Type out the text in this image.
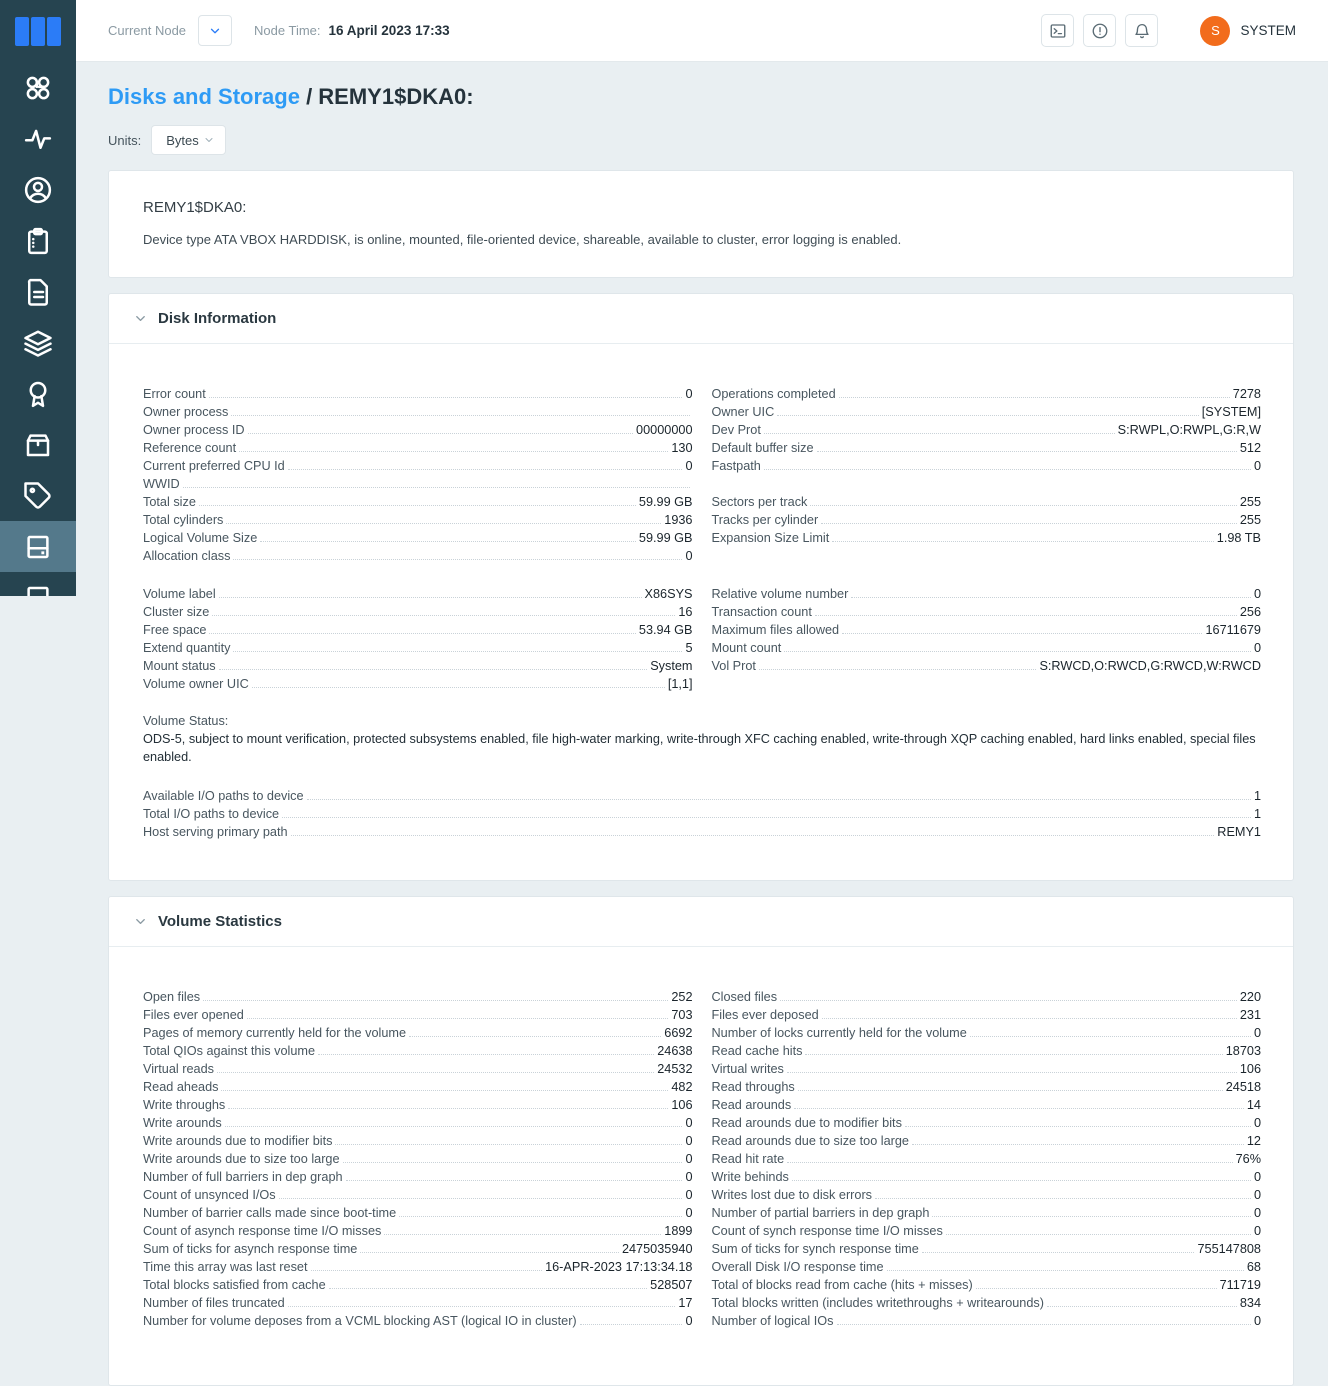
Current Node	Node Time: 16 April 2023 17:33	S SYSTEM
Disks and Storage / REMY1$DKA0:
Units: Bytes
REMY1$DKA0:
Device type ATA VBOX HARDDISK, is online, mounted, file-oriented device, shareable, available to cluster, error logging is enabled.
Disk Information
Error count	0
Owner process
Owner process ID	00000000
Reference count	130
Current preferred CPU Id	0
WWID
Total size	59.99 GB
Total cylinders	1936
Logical Volume Size	59.99 GB
Allocation class	0
Volume label	X86SYS
Cluster size	16
Free space	53.94 GB
Extend quantity	5
Mount status	System
Volume owner UIC	[1,1]
Operations completed	7278
Owner UIC	[SYSTEM]
Dev Prot	S:RWPL,O:RWPL,G:R,W
Default buffer size	512
Fastpath	0
Sectors per track	255
Tracks per cylinder	255
Expansion Size Limit	1.98 TB
Relative volume number	0
Transaction count	256
Maximum files allowed	16711679
Mount count	0
Vol Prot	S:RWCD,O:RWCD,G:RWCD,W:RWCD
Volume Status:
ODS-5, subject to mount verification, protected subsystems enabled, file high-water marking, write-through XFC caching enabled, write-through XQP caching enabled, hard links enabled, special files enabled.
Available I/O paths to device	1
Total I/O paths to device	1
Host serving primary path	REMY1
Volume Statistics
Open files	252
Files ever opened	703
Pages of memory currently held for the volume	6692
Total QIOs against this volume	24638
Virtual reads	24532
Read aheads	482
Write throughs	106
Write arounds	0
Write arounds due to modifier bits	0
Write arounds due to size too large	0
Number of full barriers in dep graph	0
Count of unsynced I/Os	0
Number of barrier calls made since boot-time	0
Count of asynch response time I/O misses	1899
Sum of ticks for asynch response time	2475035940
Time this array was last reset	16-APR-2023 17:13:34.18
Total blocks satisfied from cache	528507
Number of files truncated	17
Number for volume deposes from a VCML blocking AST (logical IO in cluster)	0
Closed files	220
Files ever deposed	231
Number of locks currently held for the volume	0
Read cache hits	18703
Virtual writes	106
Read throughs	24518
Read arounds	14
Read arounds due to modifier bits	0
Read arounds due to size too large	12
Read hit rate	76%
Write behinds	0
Writes lost due to disk errors	0
Number of partial barriers in dep graph	0
Count of synch response time I/O misses	0
Sum of ticks for synch response time	755147808
Overall Disk I/O response time	68
Total of blocks read from cache (hits + misses)	711719
Total blocks written (includes writethroughs + writearounds)	834
Number of logical IOs	0
